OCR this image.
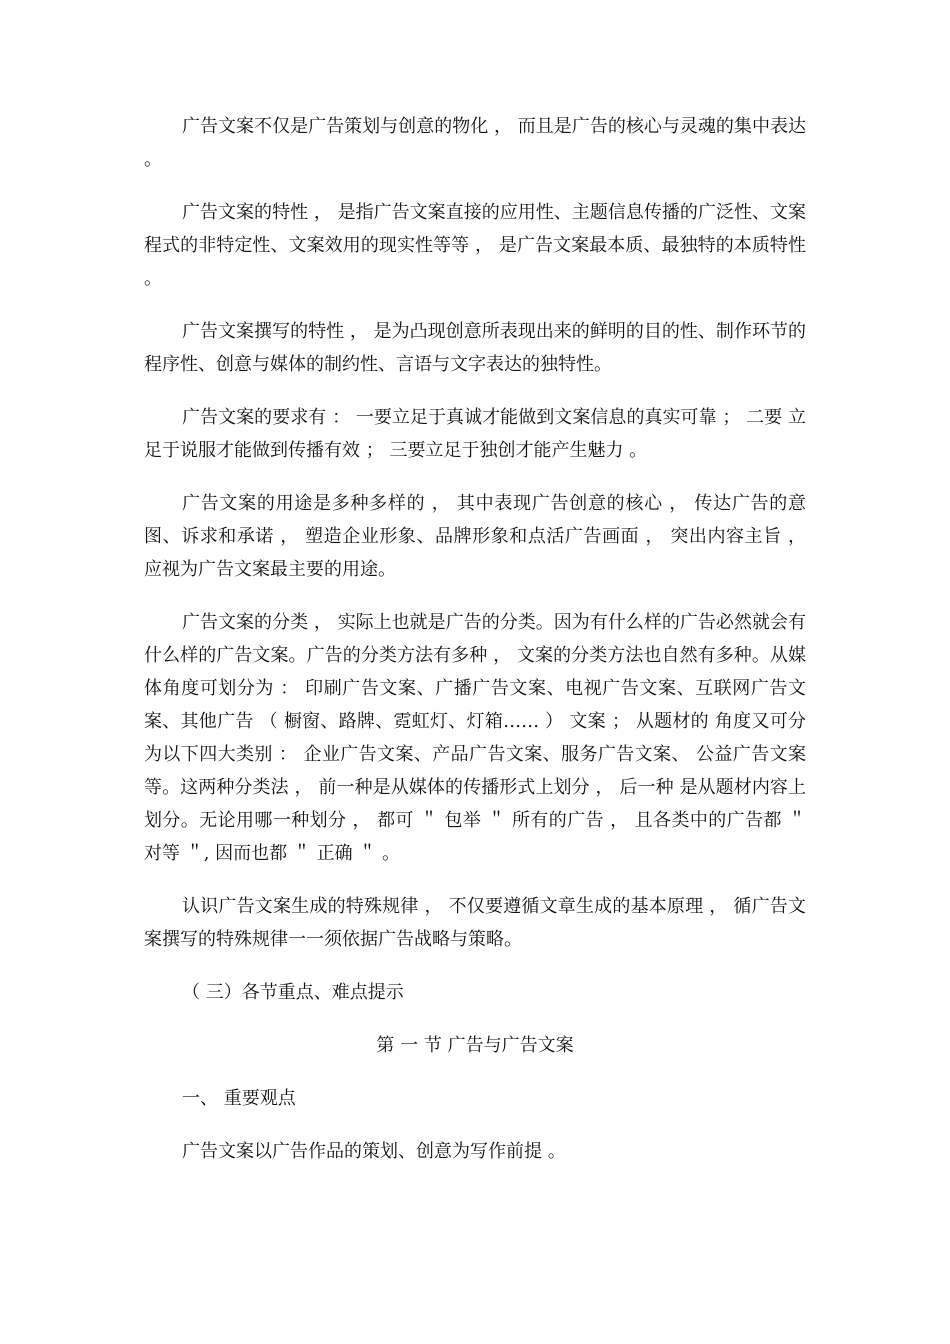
广告文案不仅是广告策划与创意的物化 ， 而且是广告的核心与灵魂的集中表达 。

广告文案的特性 ， 是指广告文案直接的应用性、主题信息传播的广泛性、文案程式的非特定性、文案效用的现实性等等 ， 是广告文案最本质、最独特的本质特性 。

广告文案撰写的特性 ， 是为凸现创意所表现出来的鲜明的目的性、制作环节的程序性、创意与媒体的制约性、言语与文字表达的独特性。

广告文案的要求有 ： 一要立足于真诚才能做到文案信息的真实可靠 ； 二要 立足于说服才能做到传播有效 ； 三要立足于独创才能产生魅力 。

广告文案的用途是多种多样的 ， 其中表现广告创意的核心 ， 传达广告的意图、诉求和承诺 ， 塑造企业形象、品牌形象和点活广告画面 ， 突出内容主旨 ， 应视为广告文案最主要的用途。

广告文案的分类 ， 实际上也就是广告的分类。因为有什么样的广告必然就会有什么样的广告文案。广告的分类方法有多种 ， 文案的分类方法也自然有多种。从媒体角度可划分为 ： 印刷广告文案、广播广告文案、电视广告文案、互联网广告文案、其他广告 （ 橱窗、路牌、霓虹灯、灯箱…… ） 文案 ； 从题材的 角度又可分为以下四大类别 ： 企业广告文案、产品广告文案、服务广告文案、 公益广告文案等。这两种分类法 ， 前一种是从媒体的传播形式上划分 ， 后一种 是从题材内容上划分。无论用哪一种划分 ， 都可 ＂ 包举 ＂ 所有的广告 ， 且各类中的广告都 ＂ 对等 ＂, 因而也都 ＂ 正确 ＂ 。

认识广告文案生成的特殊规律 ， 不仅要遵循文章生成的基本原理 ， 循广告文案撰写的特殊规律一一须依据广告战略与策略。

（ 三）各节重点、难点提示

第 一 节 广告与广告文案

一、 重要观点

广告文案以广告作品的策划、创意为写作前提 。
